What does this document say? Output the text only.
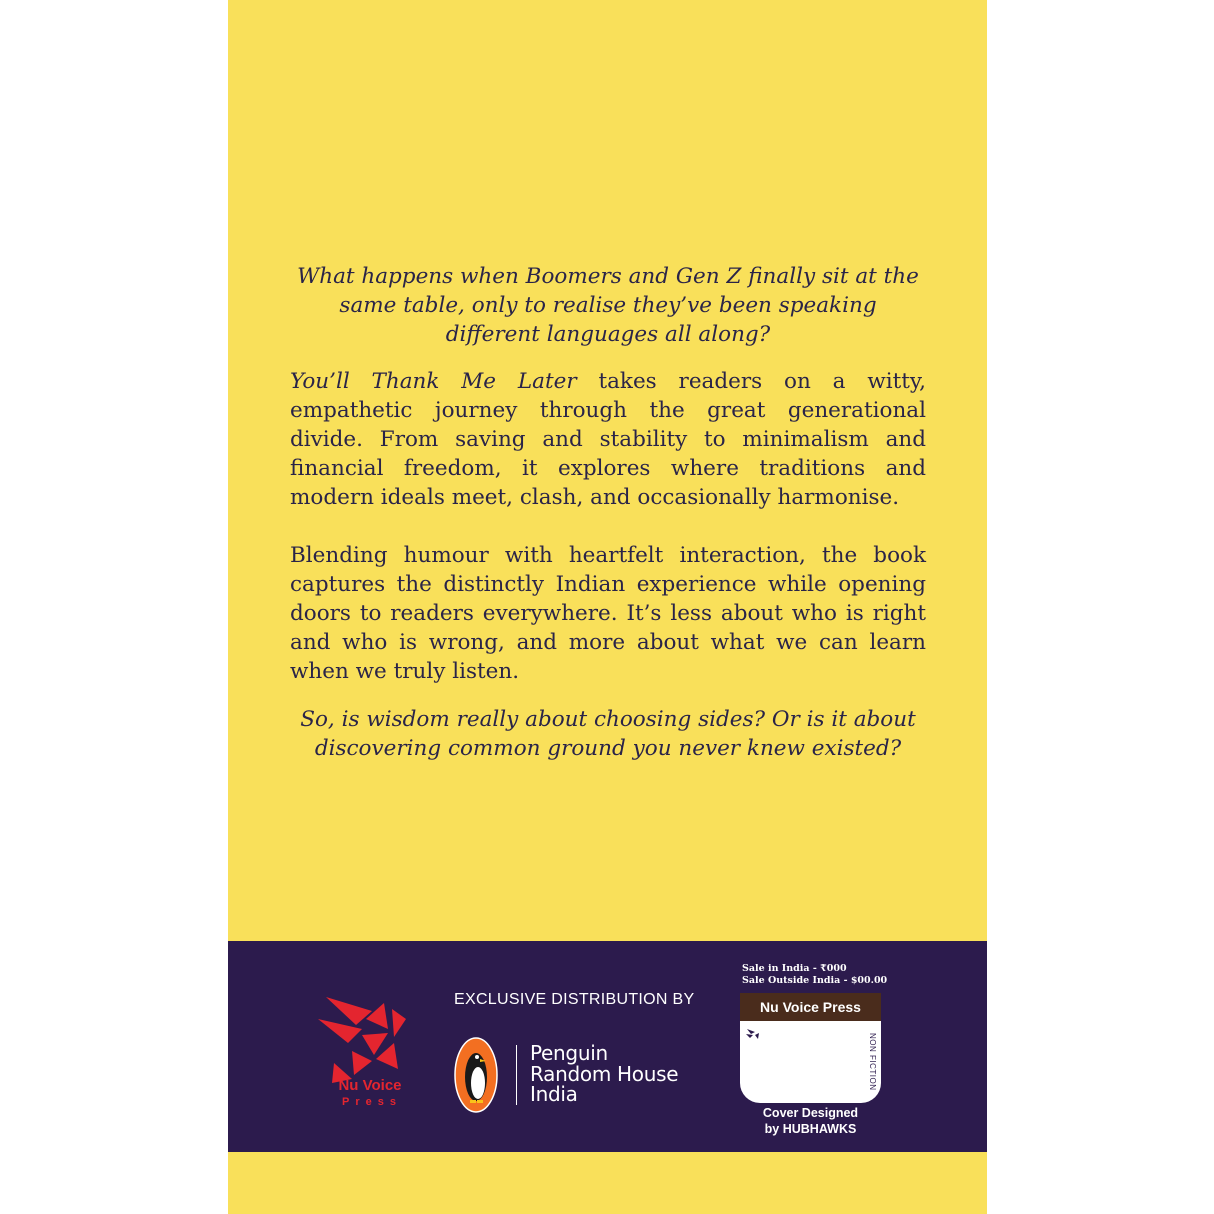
What happens when Boomers and Gen Z finally sit at the same table, only to realise they’ve been speaking different languages all along?

You’ll Thank Me Later takes readers on a witty, empathetic journey through the great generational divide. From saving and stability to minimalism and financial freedom, it explores where traditions and modern ideals meet, clash, and occasionally harmonise.

Blending humour with heartfelt interaction, the book captures the distinctly Indian experience while opening doors to readers everywhere. It’s less about who is right and who is wrong, and more about what we can learn when we truly listen.

So, is wisdom really about choosing sides? Or is it about discovering common ground you never knew existed?

Nu Voice
Press
EXCLUSIVE DISTRIBUTION BY
Penguin
Random House
India
Sale in India - ₹000
Sale Outside India - $00.00
Nu Voice Press
NON FICTION
Cover Designed
by HUBHAWKS
